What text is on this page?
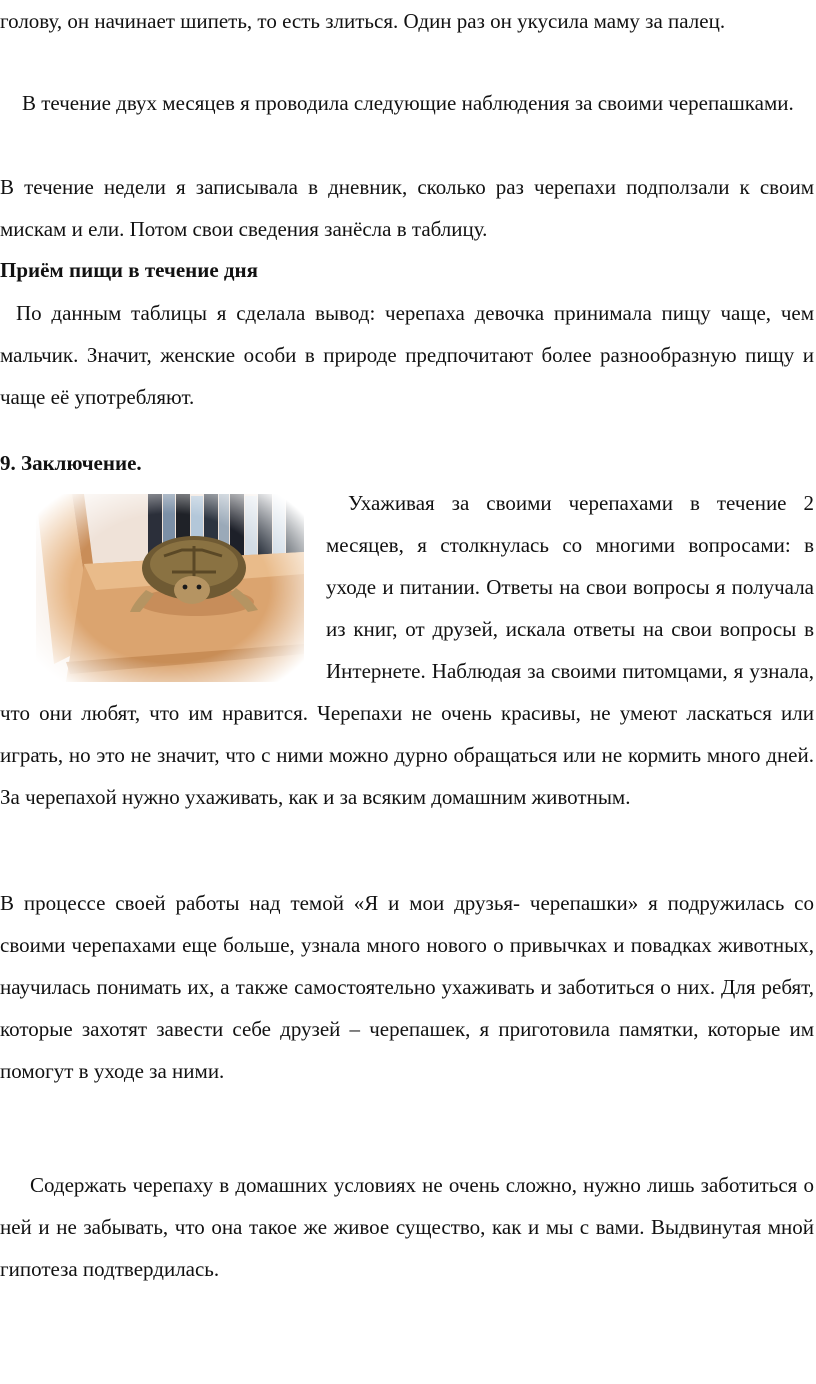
голову, он начинает шипеть, то есть злиться. Один раз он укусила маму за палец.

В течение двух месяцев я проводила следующие наблюдения за своими черепашками.

В течение недели я записывала в дневник, сколько раз черепахи подползали к своим мискам и ели. Потом свои сведения занёсла в таблицу.

Приём пищи в течение дня

По данным таблицы я сделала вывод: черепаха девочка принимала пищу чаще, чем мальчик. Значит, женские особи в природе предпочитают более разнообразную пищу и чаще её употребляют.

9. Заключение.

Ухаживая за своими черепахами в течение 2 месяцев, я столкнулась со многими вопросами: в уходе и питании. Ответы на свои вопросы я получала из книг, от друзей, искала ответы на свои вопросы в Интернете. Наблюдая за своими питомцами, я узнала, что они любят, что им нравится. Черепахи не очень красивы, не умеют ласкаться или играть, но это не значит, что с ними можно дурно обращаться или не кормить много дней. За черепахой нужно ухаживать, как и за всяким домашним животным.

В процессе своей работы над темой «Я и мои друзья- черепашки» я подружилась со своими черепахами еще больше, узнала много нового о привычках и повадках животных, научилась понимать их, а также самостоятельно ухаживать и заботиться о них. Для ребят, которые захотят завести себе друзей – черепашек, я приготовила памятки, которые им помогут в уходе за ними.

Содержать черепаху в домашних условиях не очень сложно, нужно лишь заботиться о ней и не забывать, что она такое же живое существо, как и мы с вами. Выдвинутая мной гипотеза подтвердилась.
